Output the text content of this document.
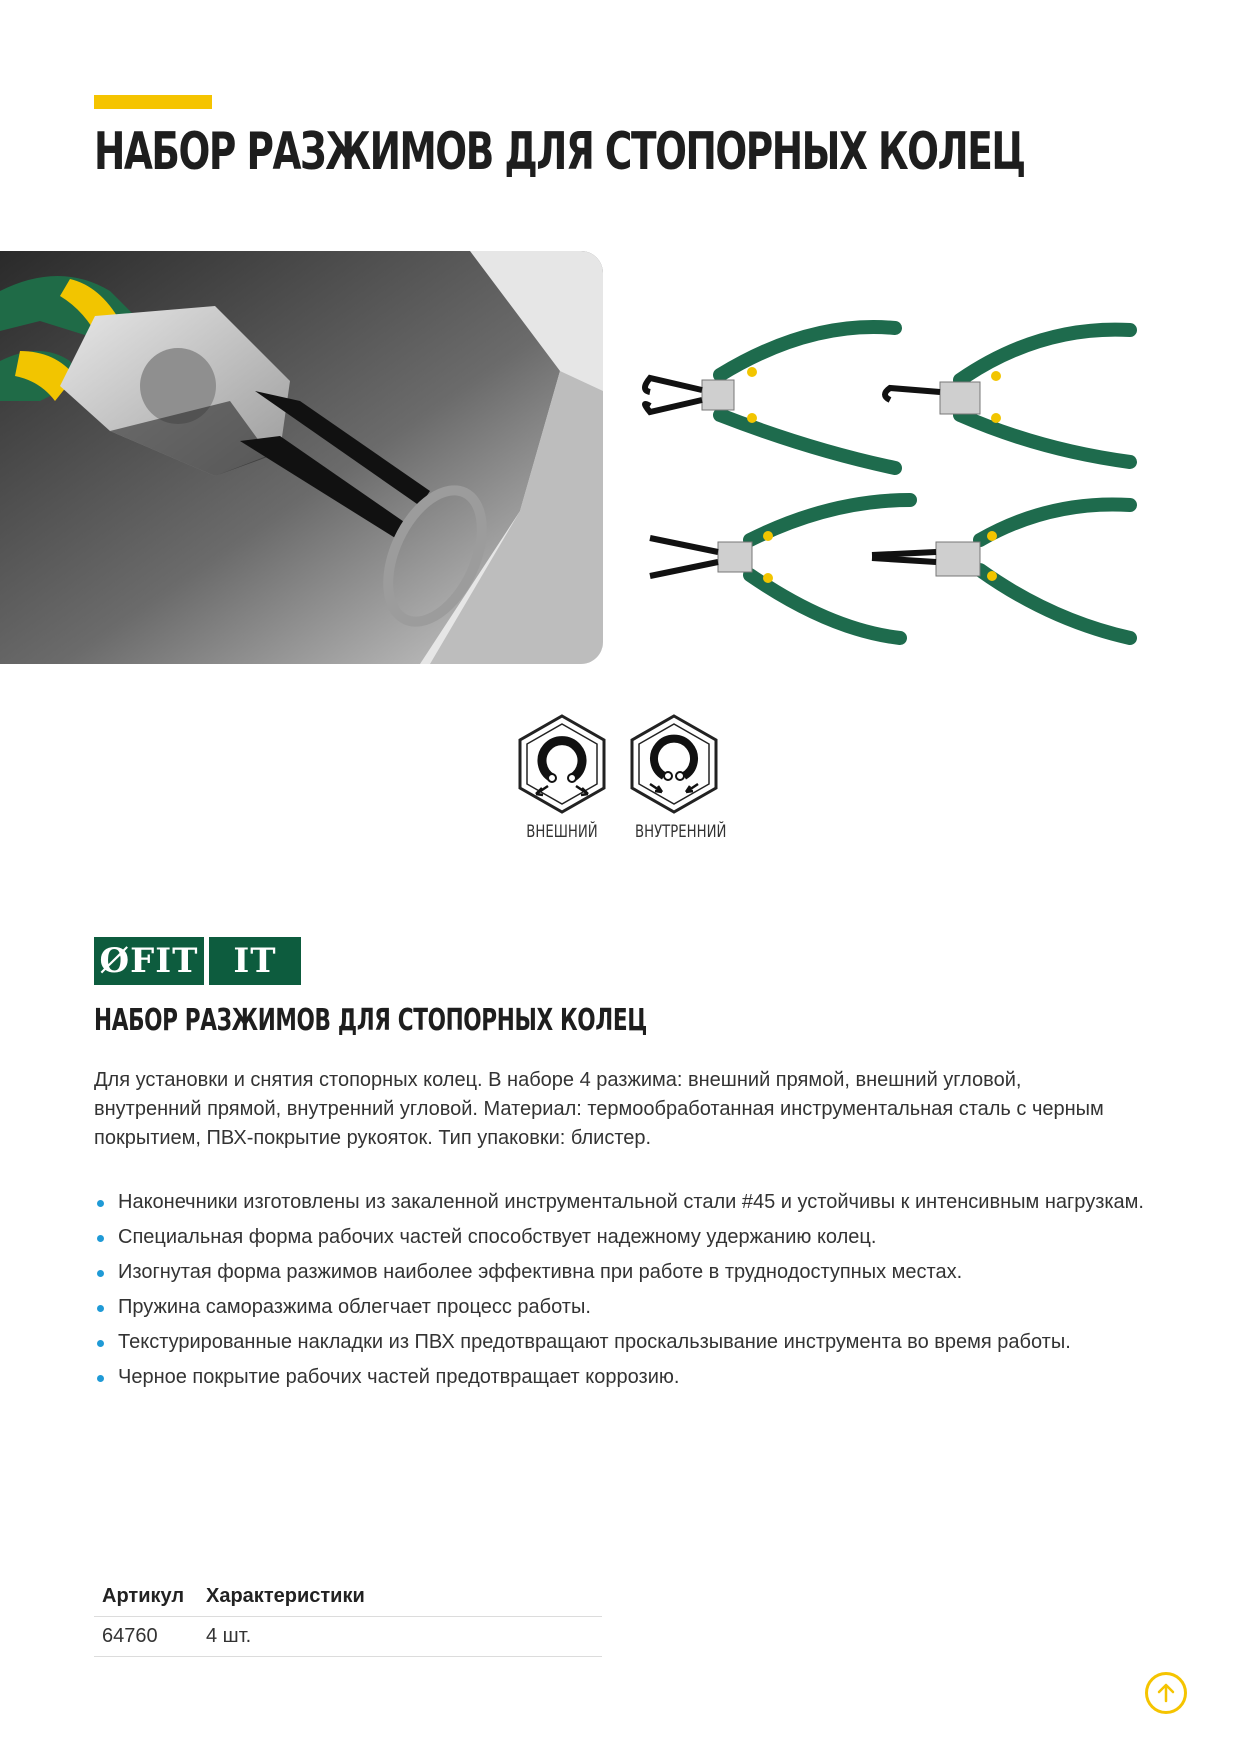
НАБОР РАЗЖИМОВ ДЛЯ СТОПОРНЫХ КОЛЕЦ
ВНЕШНИЙ ВНУТРЕННИЙ
ØFIT IT
НАБОР РАЗЖИМОВ ДЛЯ СТОПОРНЫХ КОЛЕЦ

Для установки и снятия стопорных колец. В наборе 4 разжима: внешний прямой, внешний угловой, внутренний прямой, внутренний угловой. Материал: термообработанная инструментальная сталь с черным покрытием, ПВХ-покрытие рукояток. Тип упаковки: блистер.

Наконечники изготовлены из закаленной инструментальной стали #45 и устойчивы к интенсивным нагрузкам.
Специальная форма рабочих частей способствует надежному удержанию колец.
Изогнутая форма разжимов наиболее эффективна при работе в труднодоступных местах.
Пружина саморазжима облегчает процесс работы.
Текстурированные накладки из ПВХ предотвращают проскальзывание инструмента во время работы.
Черное покрытие рабочих частей предотвращает коррозию.
Артикул	Характеристики
64760	4 шт.
